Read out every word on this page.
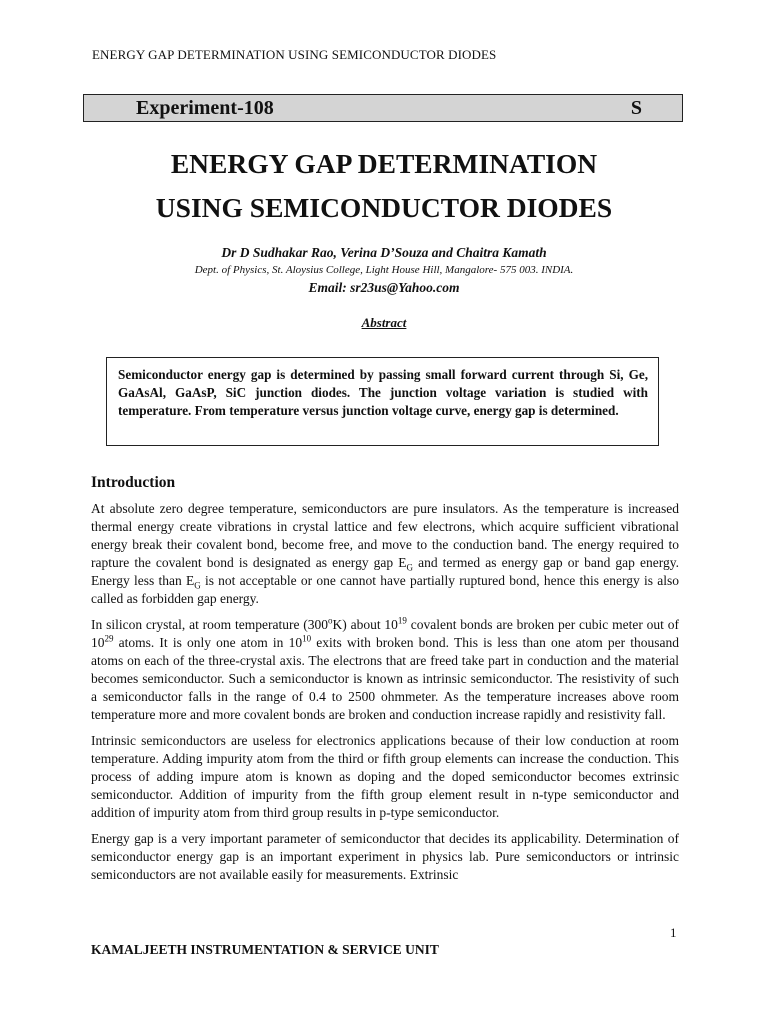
ENERGY GAP DETERMINATION USING SEMICONDUCTOR DIODES
Experiment-108	S
ENERGY GAP DETERMINATION
USING SEMICONDUCTOR DIODES
Dr D Sudhakar Rao, Verina D’Souza and Chaitra Kamath
Dept. of Physics, St. Aloysius College, Light House Hill, Mangalore- 575 003. INDIA.
Email: sr23us@Yahoo.com
Abstract

Semiconductor energy gap is determined by passing small forward current through Si, Ge, GaAsAl, GaAsP, SiC junction diodes. The junction voltage variation is studied with temperature. From temperature versus junction voltage curve, energy gap is determined.

Introduction

At absolute zero degree temperature, semiconductors are pure insulators. As the temperature is increased thermal energy create vibrations in crystal lattice and few electrons, which acquire sufficient vibrational energy break their covalent bond, become free, and move to the conduction band. The energy required to rapture the covalent bond is designated as energy gap $E_G$ and termed as energy gap or band gap energy. Energy less than $E_G$ is not acceptable or one cannot have partially ruptured bond, hence this energy is also called as forbidden gap energy.

In silicon crystal, at room temperature (300$^o$K) about $10^{19}$ covalent bonds are broken per cubic meter out of $10^{29}$ atoms. It is only one atom in $10^{10}$ exits with broken bond. This is less than one atom per thousand atoms on each of the three-crystal axis. The electrons that are freed take part in conduction and the material becomes semiconductor. Such a semiconductor is known as intrinsic semiconductor. The resistivity of such a semiconductor falls in the range of 0.4 to 2500 ohmmeter. As the temperature increases above room temperature more and more covalent bonds are broken and conduction increase rapidly and resistivity fall.

Intrinsic semiconductors are useless for electronics applications because of their low conduction at room temperature. Adding impurity atom from the third or fifth group elements can increase the conduction. This process of adding impure atom is known as doping and the doped semiconductor becomes extrinsic semiconductor. Addition of impurity from the fifth group element result in n-type semiconductor and addition of impurity atom from third group results in p-type semiconductor.

Energy gap is a very important parameter of semiconductor that decides its applicability. Determination of semiconductor energy gap is an important experiment in physics lab. Pure semiconductors or intrinsic semiconductors are not available easily for measurements. Extrinsic

1
KAMALJEETH INSTRUMENTATION & SERVICE UNIT
